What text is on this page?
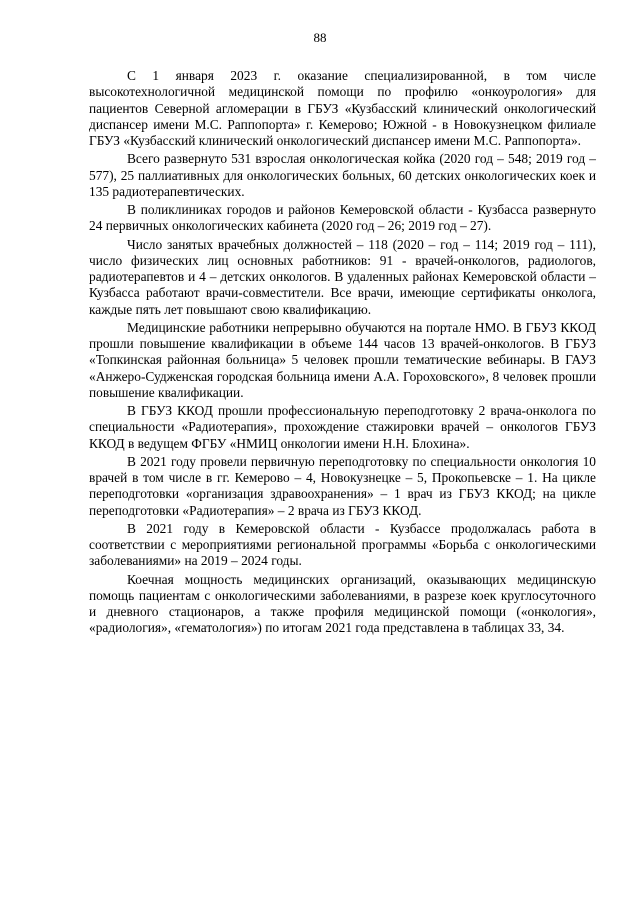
88

С 1 января 2023 г. оказание специализированной, в том числе высокотехнологичной медицинской помощи по профилю «онкоурология» для пациентов Северной агломерации в ГБУЗ «Кузбасский клинический онкологический диспансер имени М.С. Раппопорта» г. Кемерово; Южной - в Новокузнецком филиале ГБУЗ «Кузбасский клинический онкологический диспансер имени М.С. Раппопорта».

Всего развернуто 531 взрослая онкологическая койка (2020 год – 548; 2019 год – 577), 25 паллиативных для онкологических больных, 60 детских онкологических коек и 135 радиотерапевтических.

В поликлиниках городов и районов Кемеровской области - Кузбасса развернуто 24 первичных онкологических кабинета (2020 год – 26; 2019 год – 27).

Число занятых врачебных должностей – 118 (2020 – год – 114; 2019 год – 111), число физических лиц основных работников: 91 - врачей-онкологов, радиологов, радиотерапевтов и 4 – детских онкологов. В удаленных районах Кемеровской области – Кузбасса работают врачи-совместители. Все врачи, имеющие сертификаты онколога, каждые пять лет повышают свою квалификацию.

Медицинские работники непрерывно обучаются на портале НМО. В ГБУЗ ККОД прошли повышение квалификации в объеме 144 часов 13 врачей-онкологов. В ГБУЗ «Топкинская районная больница» 5 человек прошли тематические вебинары. В ГАУЗ «Анжеро-Судженская городская больница имени А.А. Гороховского», 8 человек прошли повышение квалификации.

В ГБУЗ ККОД прошли профессиональную переподготовку 2 врача-онколога по специальности «Радиотерапия», прохождение стажировки врачей – онкологов ГБУЗ ККОД в ведущем ФГБУ «НМИЦ онкологии имени Н.Н. Блохина».

В 2021 году провели первичную переподготовку по специальности онкология 10 врачей в том числе в гг. Кемерово – 4, Новокузнецке – 5, Прокопьевске – 1. На цикле переподготовки «организация здравоохранения» – 1 врач из ГБУЗ ККОД; на цикле переподготовки «Радиотерапия» – 2 врача из ГБУЗ ККОД.

В 2021 году в Кемеровской области - Кузбассе продолжалась работа в соответствии с мероприятиями региональной программы «Борьба с онкологическими заболеваниями» на 2019 – 2024 годы.

Коечная мощность медицинских организаций, оказывающих медицинскую помощь пациентам с онкологическими заболеваниями, в разрезе коек круглосуточного и дневного стационаров, а также профиля медицинской помощи («онкология», «радиология», «гематология») по итогам 2021 года представлена в таблицах 33, 34.
